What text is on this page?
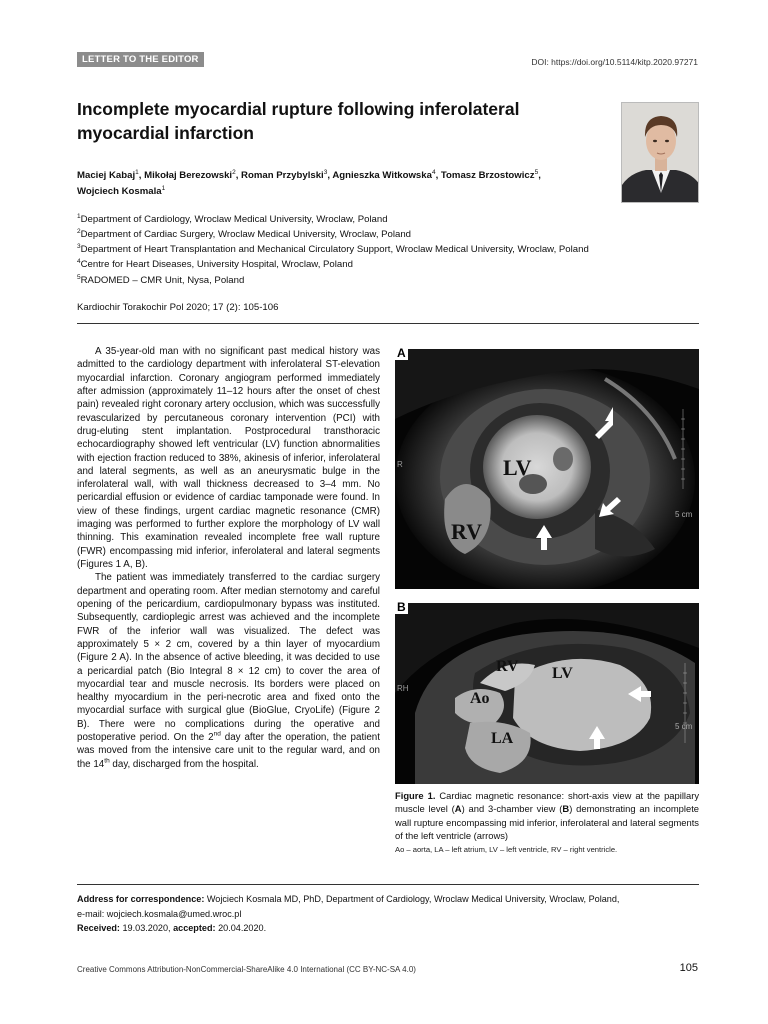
LETTER TO THE EDITOR	DOI: https://doi.org/10.5114/kitp.2020.97271
Incomplete myocardial rupture following inferolateral myocardial infarction
Maciej Kabaj$^1$, Mikołaj Berezowski$^2$, Roman Przybylski$^3$, Agnieszka Witkowska$^4$, Tomasz Brzostowicz$^5$,
Wojciech Kosmala$^1$
$^1$Department of Cardiology, Wroclaw Medical University, Wroclaw, Poland
$^2$Department of Cardiac Surgery, Wroclaw Medical University, Wroclaw, Poland
$^3$Department of Heart Transplantation and Mechanical Circulatory Support, Wroclaw Medical University, Wroclaw, Poland
$^4$Centre for Heart Diseases, University Hospital, Wroclaw, Poland
$^5$RADOMED – CMR Unit, Nysa, Poland
Kardiochir Torakochir Pol 2020; 17 (2): 105-106

A 35-year-old man with no significant past medical history was admitted to the cardiology department with inferolateral ST-elevation myocardial infarction. Coronary angiogram performed immediately after admission (approximately 11–12 hours after the onset of chest pain) revealed right coronary artery occlusion, which was successfully revascularized by percutaneous coronary intervention (PCI) with drug-eluting stent implantation. Postprocedural transthoracic echocardiography showed left ventricular (LV) function abnormalities with ejection fraction reduced to 38%, akinesis of inferior, inferolateral and lateral segments, as well as an aneurysmatic bulge in the inferolateral wall, with wall thickness decreased to 3–4 mm. No pericardial effusion or evidence of cardiac tamponade were found. In view of these findings, urgent cardiac magnetic resonance (CMR) imaging was performed to further explore the morphology of LV wall thinning. This examination revealed incomplete free wall rupture (FWR) encompassing mid inferior, inferolateral and lateral segments (Figures 1 A, B).

The patient was immediately transferred to the cardiac surgery department and operating room. After median sternotomy and careful opening of the pericardium, cardiopulmonary bypass was instituted. Subsequently, cardioplegic arrest was achieved and the incomplete FWR of the inferior wall was visualized. The defect was approximately 5 × 2 cm, covered by a thin layer of myocardium (Figure 2 A). In the absence of active bleeding, it was decided to use a pericardial patch (Bio Integral 8 × 12 cm) to cover the area of myocardial tear and muscle necrosis. Its borders were placed on healthy myocardium in the peri-necrotic area and fixed onto the myocardial surface with surgical glue (BioGlue, CryoLife) (Figure 2 B). There were no complications during the operative and postoperative period. On the 2nd day after the operation, the patient was moved from the intensive care unit to the regular ward, and on the 14th day, discharged from the hospital.

LV
RV
R
5 cm
A
RV LV
Ao
LA
RH
5 cm
B
Figure 1. Cardiac magnetic resonance: short-axis view at the papillary muscle level (A) and 3-chamber view (B) demonstrating an incomplete wall rupture encompassing mid inferior, inferolateral and lateral segments of the left ventricle (arrows)
Ao – aorta, LA – left atrium, LV – left ventricle, RV – right ventricle.
Address for correspondence: Wojciech Kosmala MD, PhD, Department of Cardiology, Wroclaw Medical University, Wroclaw, Poland,
e-mail: wojciech.kosmala@umed.wroc.pl
Received: 19.03.2020, accepted: 20.04.2020.
Creative Commons Attribution-NonCommercial-ShareAlike 4.0 International (CC BY-NC-SA 4.0)	105
